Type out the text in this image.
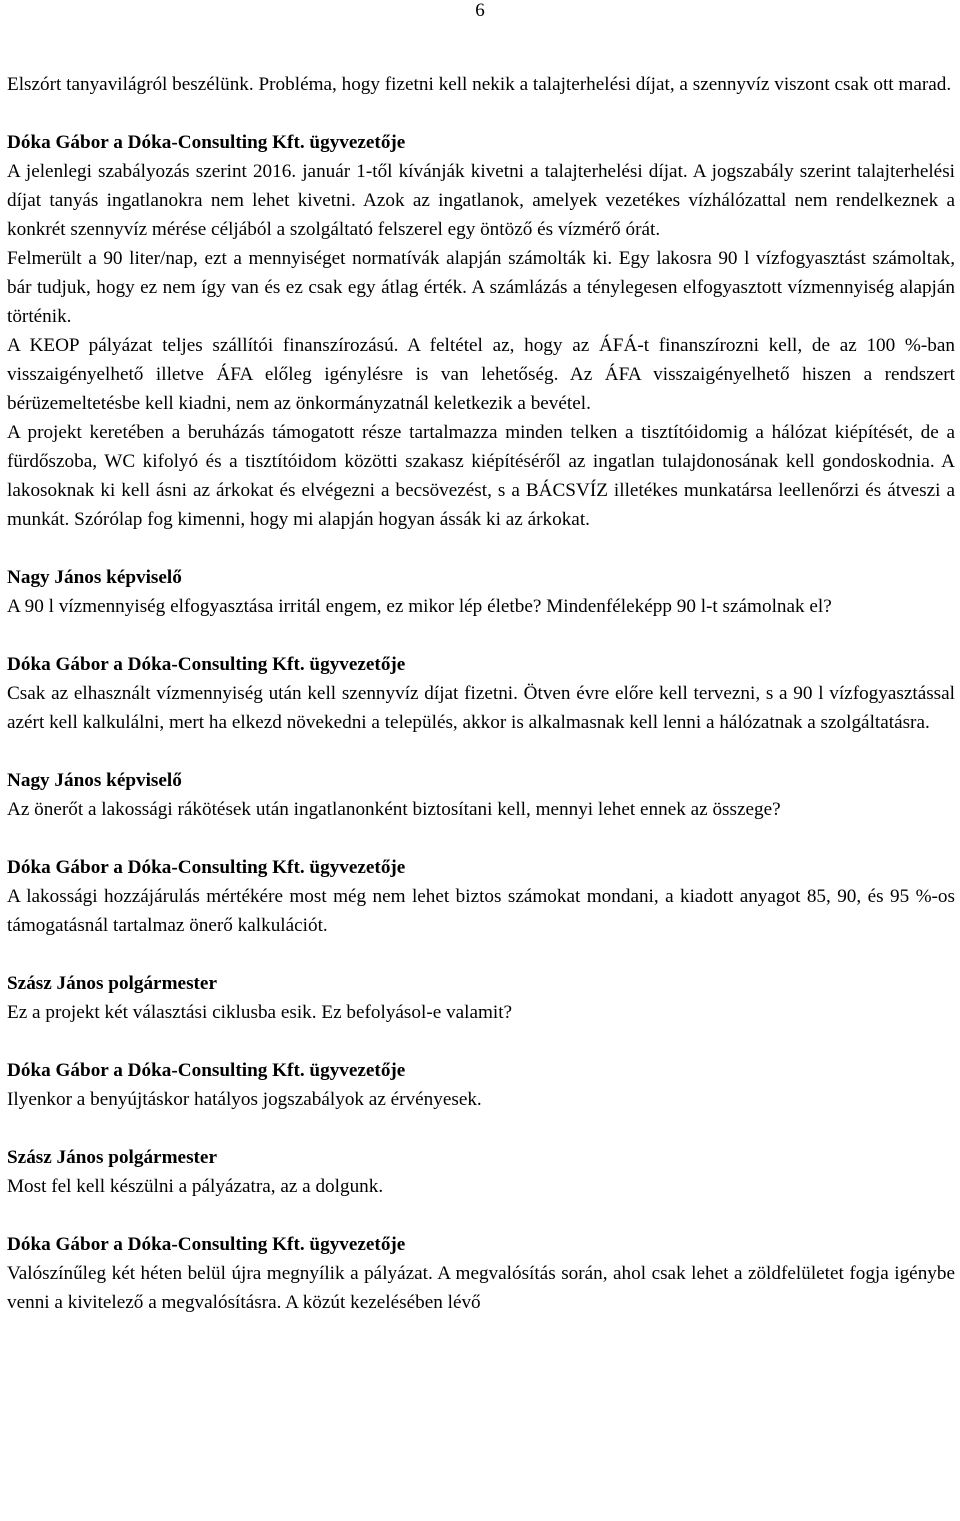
6

Elszórt tanyavilágról beszélünk. Probléma, hogy fizetni kell nekik a talajterhelési díjat, a szennyvíz viszont csak ott marad.

Dóka Gábor a Dóka-Consulting Kft. ügyvezetője

A jelenlegi szabályozás szerint 2016. január 1-től kívánják kivetni a talajterhelési díjat. A jogszabály szerint talajterhelési díjat tanyás ingatlanokra nem lehet kivetni. Azok az ingatlanok, amelyek vezetékes vízhálózattal nem rendelkeznek a konkrét szennyvíz mérése céljából a szolgáltató felszerel egy öntöző és vízmérő órát.

Felmerült a 90 liter/nap, ezt a mennyiséget normatívák alapján számolták ki. Egy lakosra 90 l vízfogyasztást számoltak, bár tudjuk, hogy ez nem így van és ez csak egy átlag érték. A számlázás a ténylegesen elfogyasztott vízmennyiség alapján történik.

A KEOP pályázat teljes szállítói finanszírozású. A feltétel az, hogy az ÁFÁ-t finanszírozni kell, de az 100 %-ban visszaigényelhető illetve ÁFA előleg igénylésre is van lehetőség. Az ÁFA visszaigényelhető hiszen a rendszert bérüzemeltetésbe kell kiadni, nem az önkormányzatnál keletkezik a bevétel.

A projekt keretében a beruházás támogatott része tartalmazza minden telken a tisztítóidomig a hálózat kiépítését, de a fürdőszoba, WC kifolyó és a tisztítóidom közötti szakasz kiépítéséről az ingatlan tulajdonosának kell gondoskodnia. A lakosoknak ki kell ásni az árkokat és elvégezni a becsövezést, s a BÁCSVÍZ illetékes munkatársa leellenőrzi és átveszi a munkát. Szórólap fog kimenni, hogy mi alapján hogyan ássák ki az árkokat.

Nagy János képviselő

A 90 l vízmennyiség elfogyasztása irritál engem, ez mikor lép életbe? Mindenféleképp 90 l-t számolnak el?

Dóka Gábor a Dóka-Consulting Kft. ügyvezetője

Csak az elhasznált vízmennyiség után kell szennyvíz díjat fizetni. Ötven évre előre kell tervezni, s a 90 l vízfogyasztással azért kell kalkulálni, mert ha elkezd növekedni a település, akkor is alkalmasnak kell lenni a hálózatnak a szolgáltatásra.

Nagy János képviselő

Az önerőt a lakossági rákötések után ingatlanonként biztosítani kell, mennyi lehet ennek az összege?

Dóka Gábor a Dóka-Consulting Kft. ügyvezetője

A lakossági hozzájárulás mértékére most még nem lehet biztos számokat mondani, a kiadott anyagot 85, 90, és 95 %-os támogatásnál tartalmaz önerő kalkulációt.

Szász János polgármester

Ez a projekt két választási ciklusba esik. Ez befolyásol-e valamit?

Dóka Gábor a Dóka-Consulting Kft. ügyvezetője

Ilyenkor a benyújtáskor hatályos jogszabályok az érvényesek.

Szász János polgármester

Most fel kell készülni a pályázatra, az a dolgunk.

Dóka Gábor a Dóka-Consulting Kft. ügyvezetője

Valószínűleg két héten belül újra megnyílik a pályázat. A megvalósítás során, ahol csak lehet a zöldfelületet fogja igénybe venni a kivitelező a megvalósításra. A közút kezelésében lévő
